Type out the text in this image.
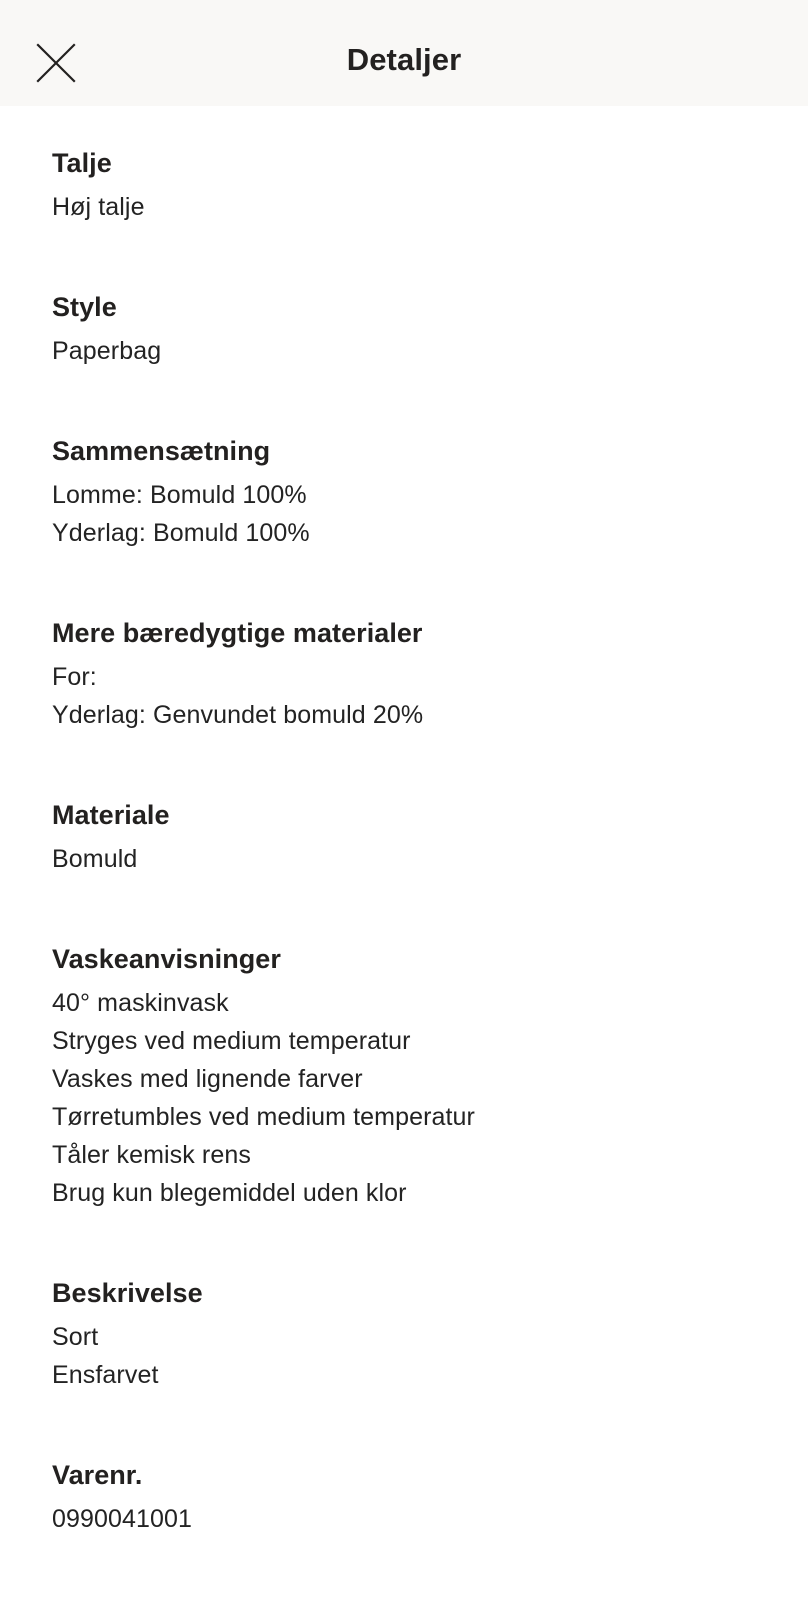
Detaljer
Talje
Høj talje
Style
Paperbag
Sammensætning
Lomme: Bomuld 100%
Yderlag: Bomuld 100%
Mere bæredygtige materialer
For:
Yderlag: Genvundet bomuld 20%
Materiale
Bomuld
Vaskeanvisninger
40° maskinvask
Stryges ved medium temperatur
Vaskes med lignende farver
Tørretumbles ved medium temperatur
Tåler kemisk rens
Brug kun blegemiddel uden klor
Beskrivelse
Sort
Ensfarvet
Varenr.
0990041001
